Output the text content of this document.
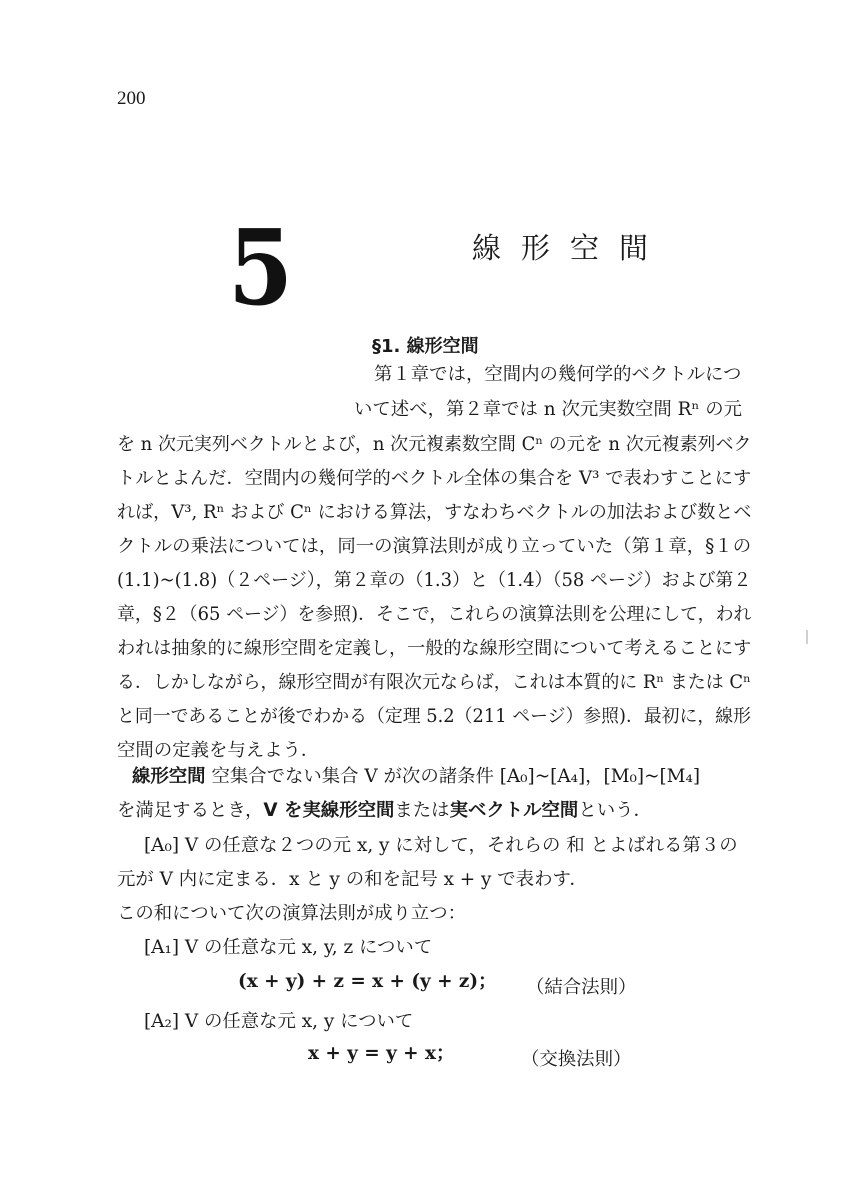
200
5	線形空間
§1. 線形空間
第１章では，空間内の幾何学的ベクトルにつ
いて述べ，第２章では n 次元実数空間 Rⁿ の元
を n 次元実列ベクトルとよび，n 次元複素数空間 Cⁿ の元を n 次元複素列ベク
トルとよんだ．空間内の幾何学的ベクトル全体の集合を V³ で表わすことにす
れば，V³, Rⁿ および Cⁿ における算法，すなわちベクトルの加法および数とベ
クトルの乗法については，同一の演算法則が成り立っていた（第１章，§１の
(1.1)~(1.8)（２ページ），第２章の（1.3）と（1.4）（58 ページ）および第２
章，§２（65 ページ）を参照)．そこで，これらの演算法則を公理にして，われ
われは抽象的に線形空間を定義し，一般的な線形空間について考えることにす
る．しかしながら，線形空間が有限次元ならば，これは本質的に Rⁿ または Cⁿ
と同一であることが後でわかる（定理 5.2（211 ページ）参照)．最初に，線形
空間の定義を与えよう．
線形空間 空集合でない集合 V が次の諸条件 [A₀]~[A₄]，[M₀]~[M₄]
を満足するとき，V を実線形空間または実ベクトル空間という．
[A₀] V の任意な２つの元 x, y に対して，それらの 和 とよばれる第３の
元が V 内に定まる．x と y の和を記号 x + y で表わす．
この和について次の演算法則が成り立つ：
[A₁] V の任意な元 x, y, z について
(x + y) + z = x + (y + z)； （結合法則）
[A₂] V の任意な元 x, y について
x + y = y + x；	（交換法則）
